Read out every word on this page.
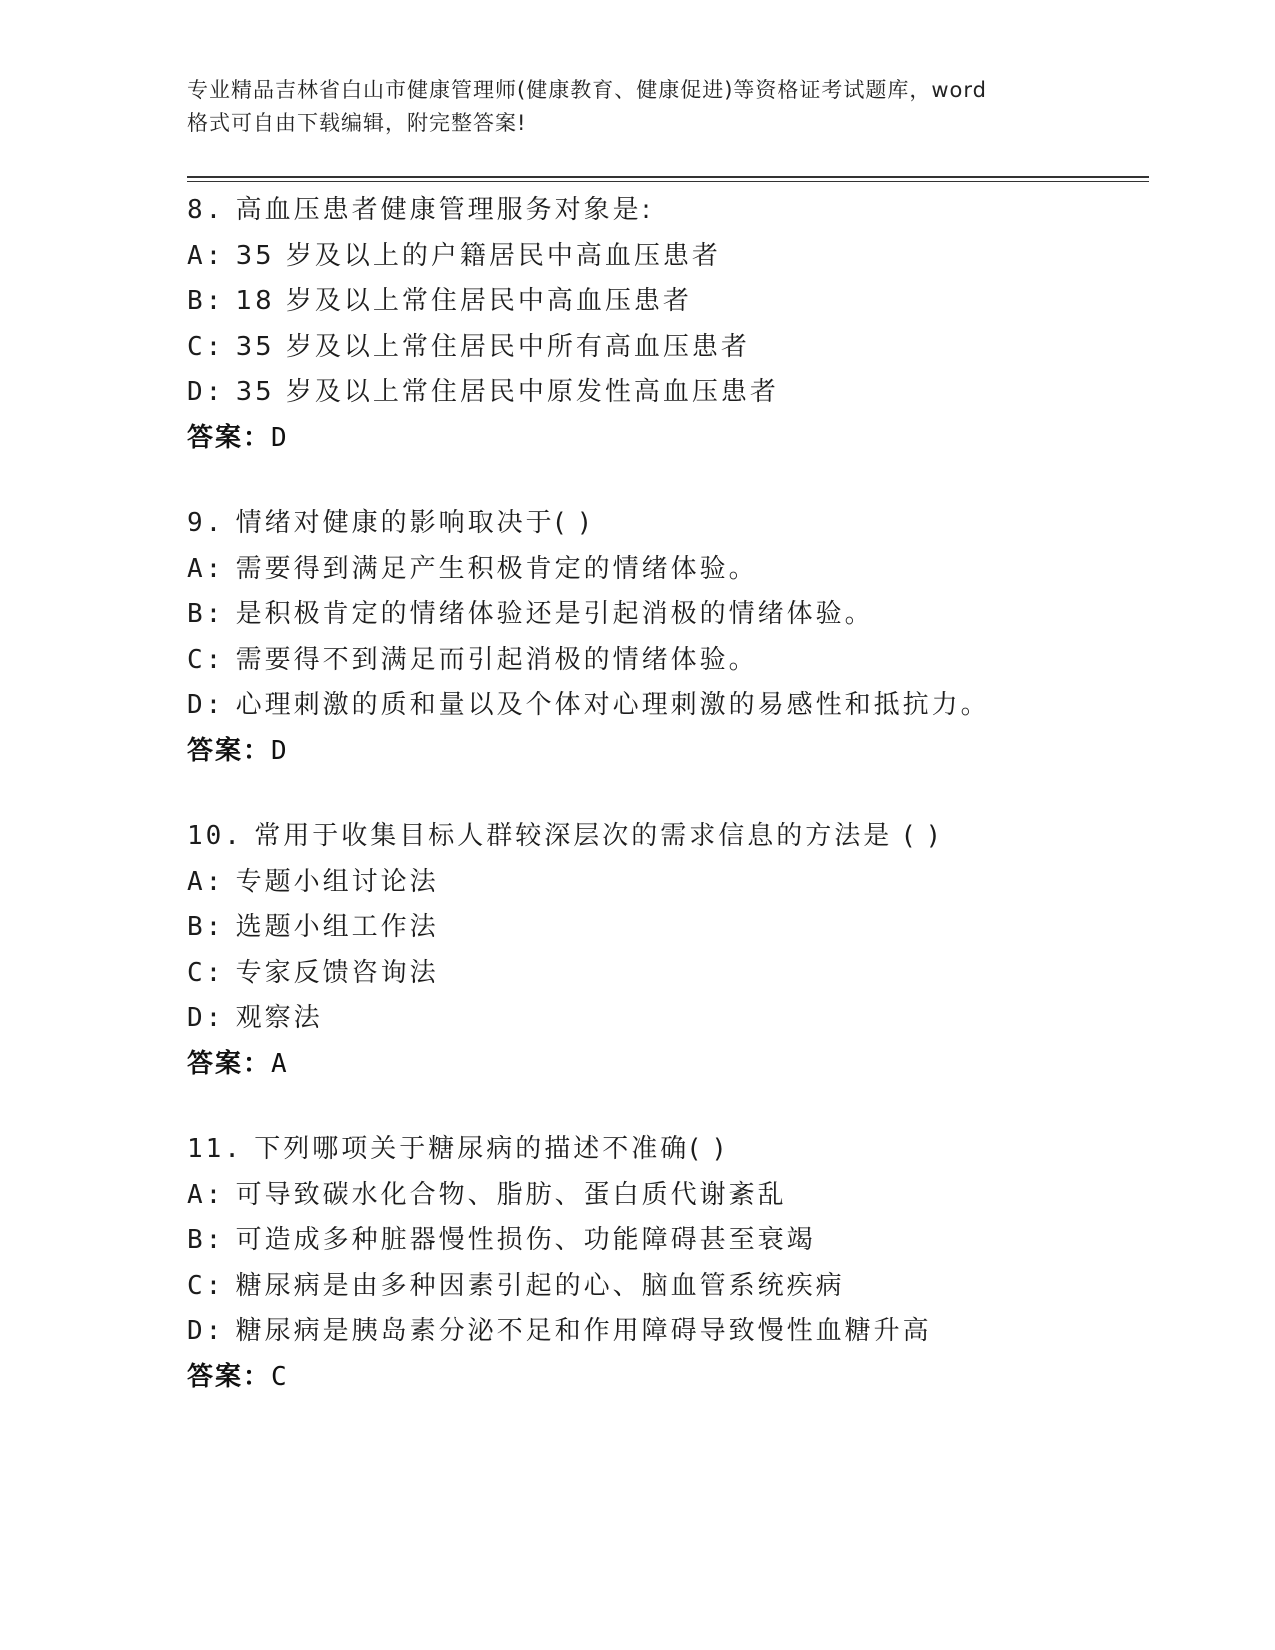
专业精品吉林省白山市健康管理师(健康教育、健康促进)等资格证考试题库，word
格式可自由下载编辑，附完整答案!
8. 高血压患者健康管理服务对象是:
A: 35 岁及以上的户籍居民中高血压患者
B: 18 岁及以上常住居民中高血压患者
C: 35 岁及以上常住居民中所有高血压患者
D: 35 岁及以上常住居民中原发性高血压患者
答案：D
9. 情绪对健康的影响取决于( )
A: 需要得到满足产生积极肯定的情绪体验。
B: 是积极肯定的情绪体验还是引起消极的情绪体验。
C: 需要得不到满足而引起消极的情绪体验。
D: 心理刺激的质和量以及个体对心理刺激的易感性和抵抗力。
答案：D
10. 常用于收集目标人群较深层次的需求信息的方法是 ( )
A: 专题小组讨论法
B: 选题小组工作法
C: 专家反馈咨询法
D: 观察法
答案：A
11. 下列哪项关于糖尿病的描述不准确( )
A: 可导致碳水化合物、脂肪、蛋白质代谢紊乱
B: 可造成多种脏器慢性损伤、功能障碍甚至衰竭
C: 糖尿病是由多种因素引起的心、脑血管系统疾病
D: 糖尿病是胰岛素分泌不足和作用障碍导致慢性血糖升高
答案：C
